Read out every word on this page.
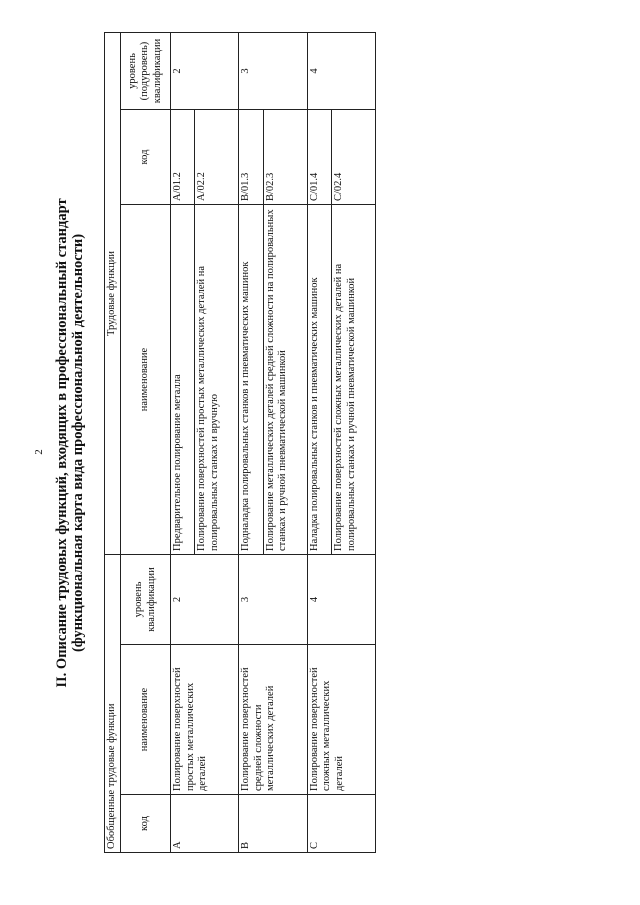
2 II. Описание трудовых функций, входящих в профессиональный стандарт (функциональная карта вида профессиональной деятельности)
Обобщенные трудовые функции			Трудовые функции		
код	наименование	уровень квалификации	наименование	код	уровень (подуровень) квалификации
A	Полирование поверхностей простых металлических деталей	2	Предварительное полирование металла	A/01.2	2
			Полирование поверхностей простых металлических деталей на полировальных станках и вручную	A/02.2	
B	Полирование поверхностей средней сложности металлических деталей	3	Подналадка полировальных станков и пневматических машинок	B/01.3	3
			Полирование металлических деталей средней сложности на полировальных станках и ручной пневматической машинкой	B/02.3	
C	Полирование поверхностей сложных металлических деталей	4	Наладка полировальных станков и пневматических машинок	C/01.4	4
			Полирование поверхностей сложных металлических деталей на полировальных станках и ручной пневматической машинкой	C/02.4	
